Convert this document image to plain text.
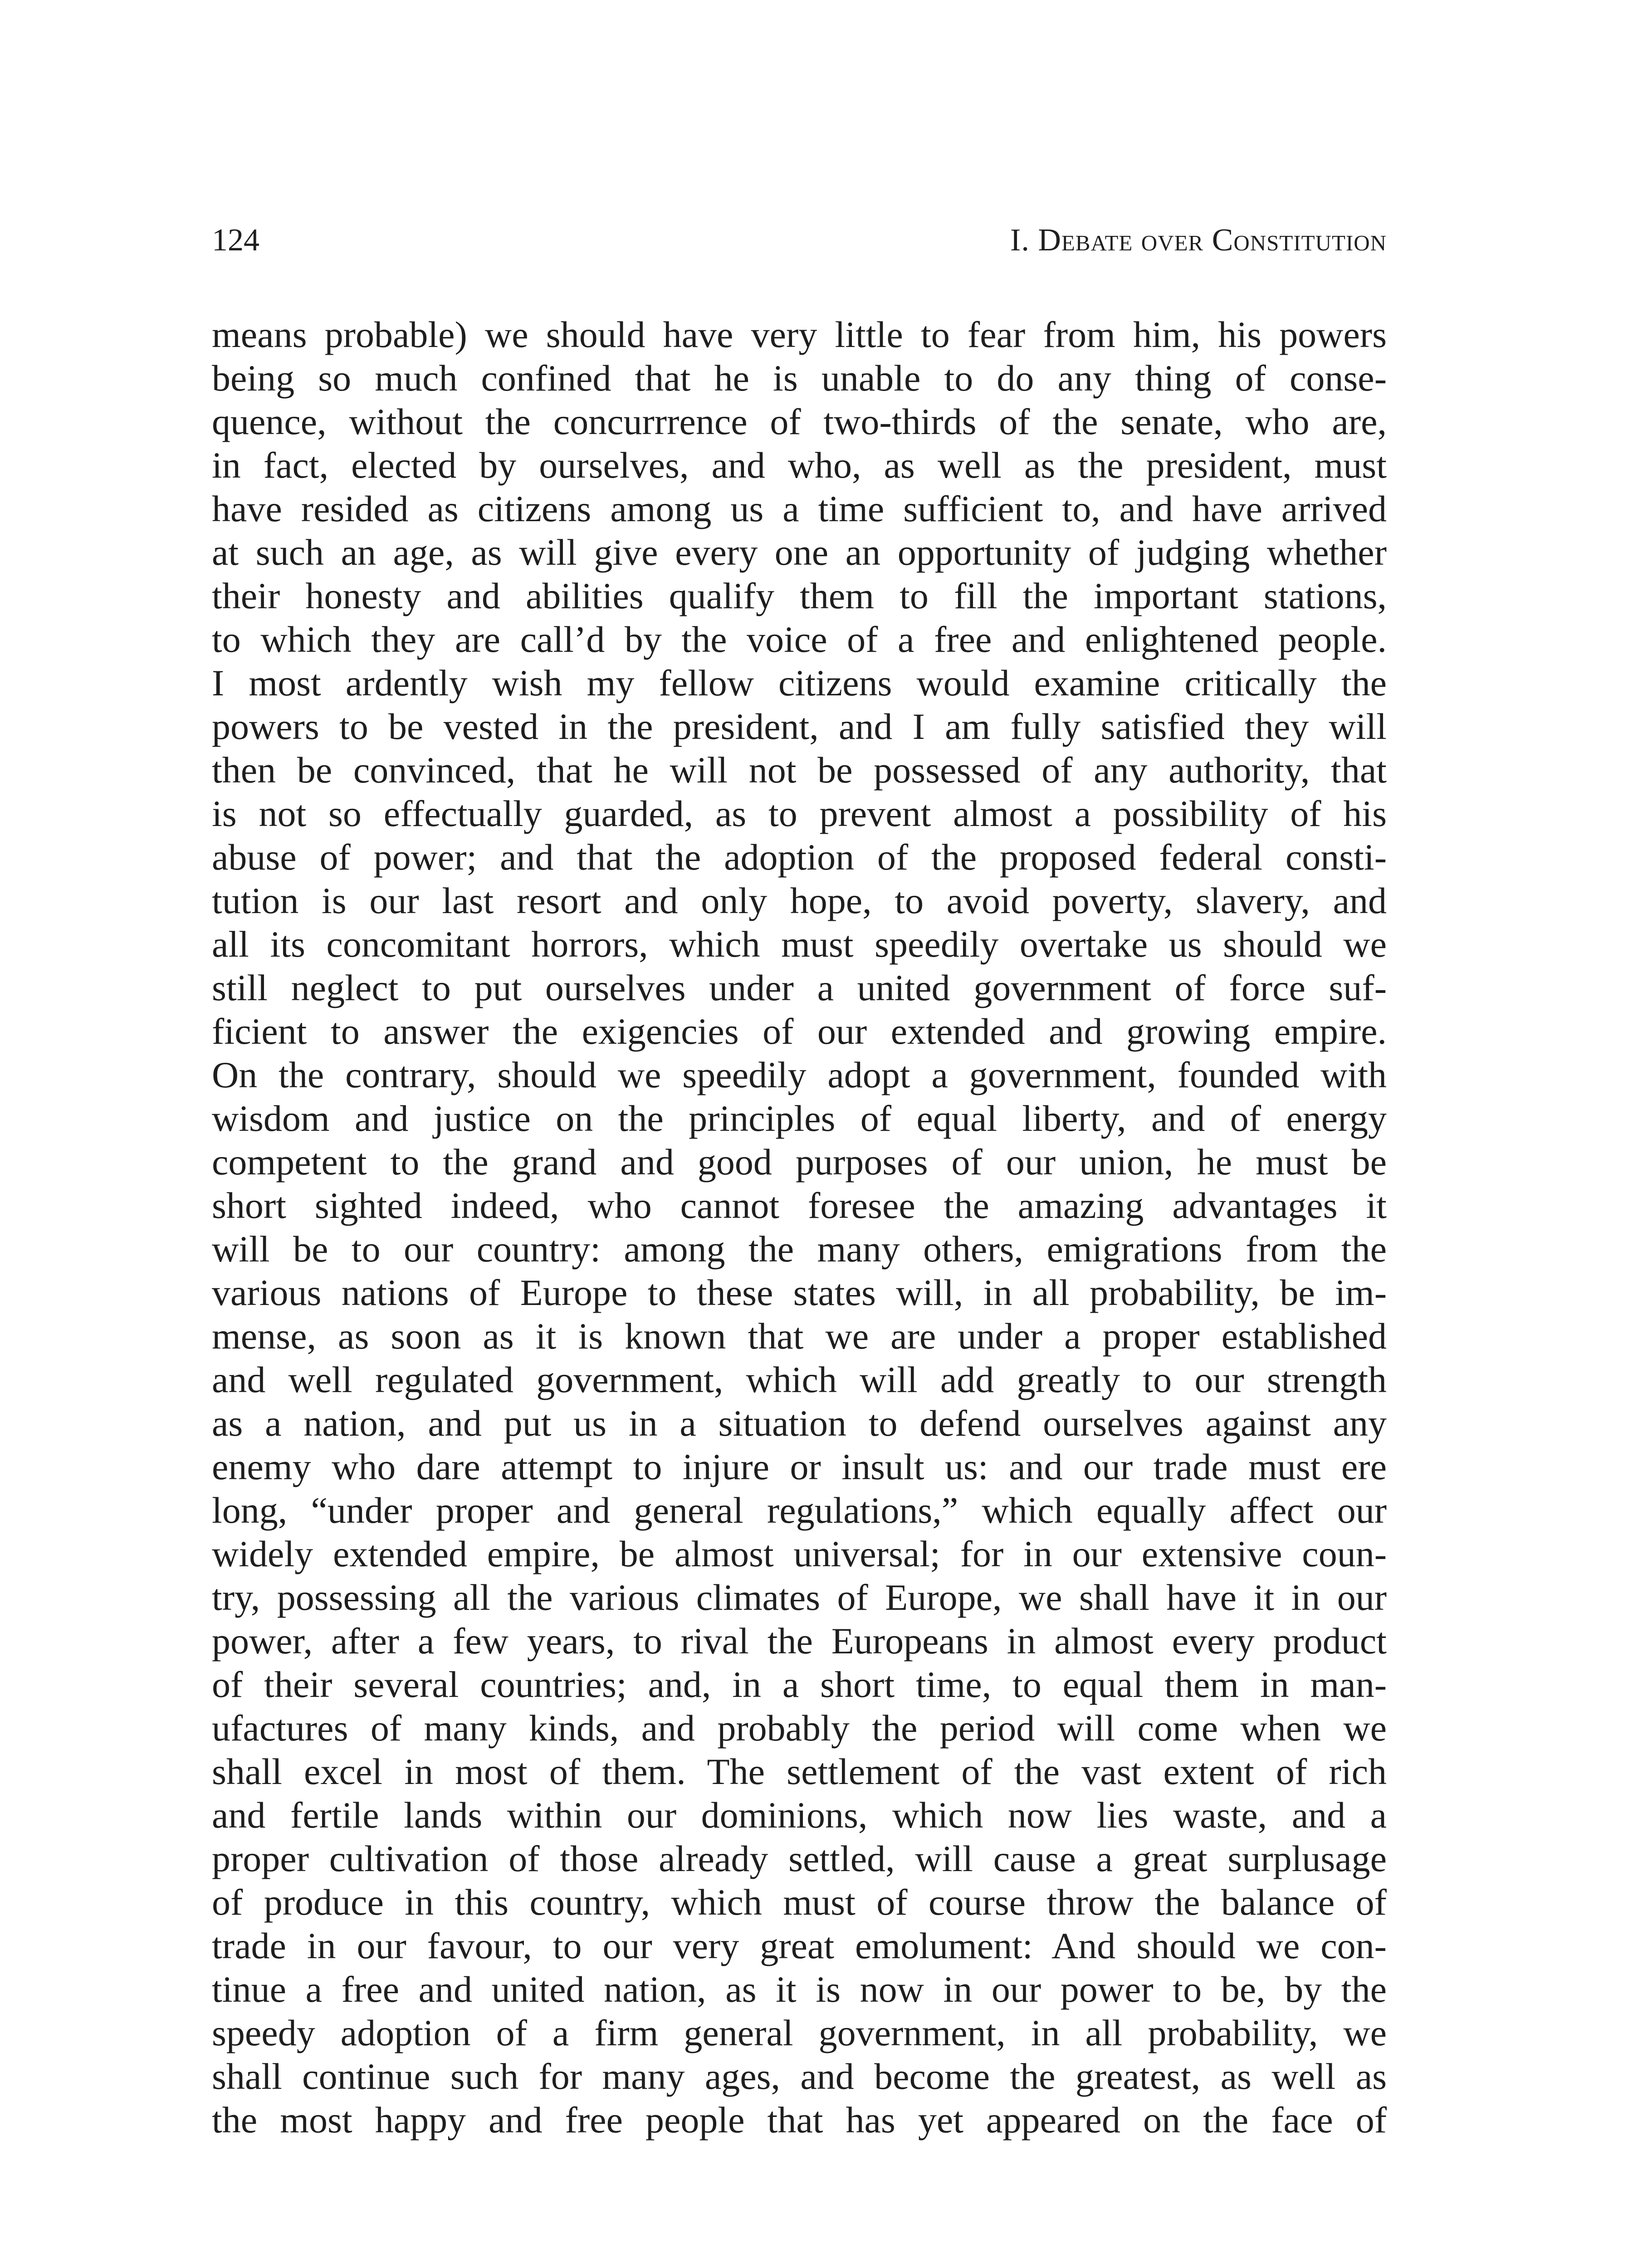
124	I. Debate over Constitution
means probable) we should have very little to fear from him, his powers
being so much confined that he is unable to do any thing of conse-
quence, without the concurrrence of two-thirds of the senate, who are,
in fact, elected by ourselves, and who, as well as the president, must
have resided as citizens among us a time sufficient to, and have arrived
at such an age, as will give every one an opportunity of judging whether
their honesty and abilities qualify them to fill the important stations,
to which they are call’d by the voice of a free and enlightened people.
I most ardently wish my fellow citizens would examine critically the
powers to be vested in the president, and I am fully satisfied they will
then be convinced, that he will not be possessed of any authority, that
is not so effectually guarded, as to prevent almost a possibility of his
abuse of power; and that the adoption of the proposed federal consti-
tution is our last resort and only hope, to avoid poverty, slavery, and
all its concomitant horrors, which must speedily overtake us should we
still neglect to put ourselves under a united government of force suf-
ficient to answer the exigencies of our extended and growing empire.
On the contrary, should we speedily adopt a government, founded with
wisdom and justice on the principles of equal liberty, and of energy
competent to the grand and good purposes of our union, he must be
short sighted indeed, who cannot foresee the amazing advantages it
will be to our country: among the many others, emigrations from the
various nations of Europe to these states will, in all probability, be im-
mense, as soon as it is known that we are under a proper established
and well regulated government, which will add greatly to our strength
as a nation, and put us in a situation to defend ourselves against any
enemy who dare attempt to injure or insult us: and our trade must ere
long, “under proper and general regulations,” which equally affect our
widely extended empire, be almost universal; for in our extensive coun-
try, possessing all the various climates of Europe, we shall have it in our
power, after a few years, to rival the Europeans in almost every product
of their several countries; and, in a short time, to equal them in man-
ufactures of many kinds, and probably the period will come when we
shall excel in most of them. The settlement of the vast extent of rich
and fertile lands within our dominions, which now lies waste, and a
proper cultivation of those already settled, will cause a great surplusage
of produce in this country, which must of course throw the balance of
trade in our favour, to our very great emolument: And should we con-
tinue a free and united nation, as it is now in our power to be, by the
speedy adoption of a firm general government, in all probability, we
shall continue such for many ages, and become the greatest, as well as
the most happy and free people that has yet appeared on the face of
